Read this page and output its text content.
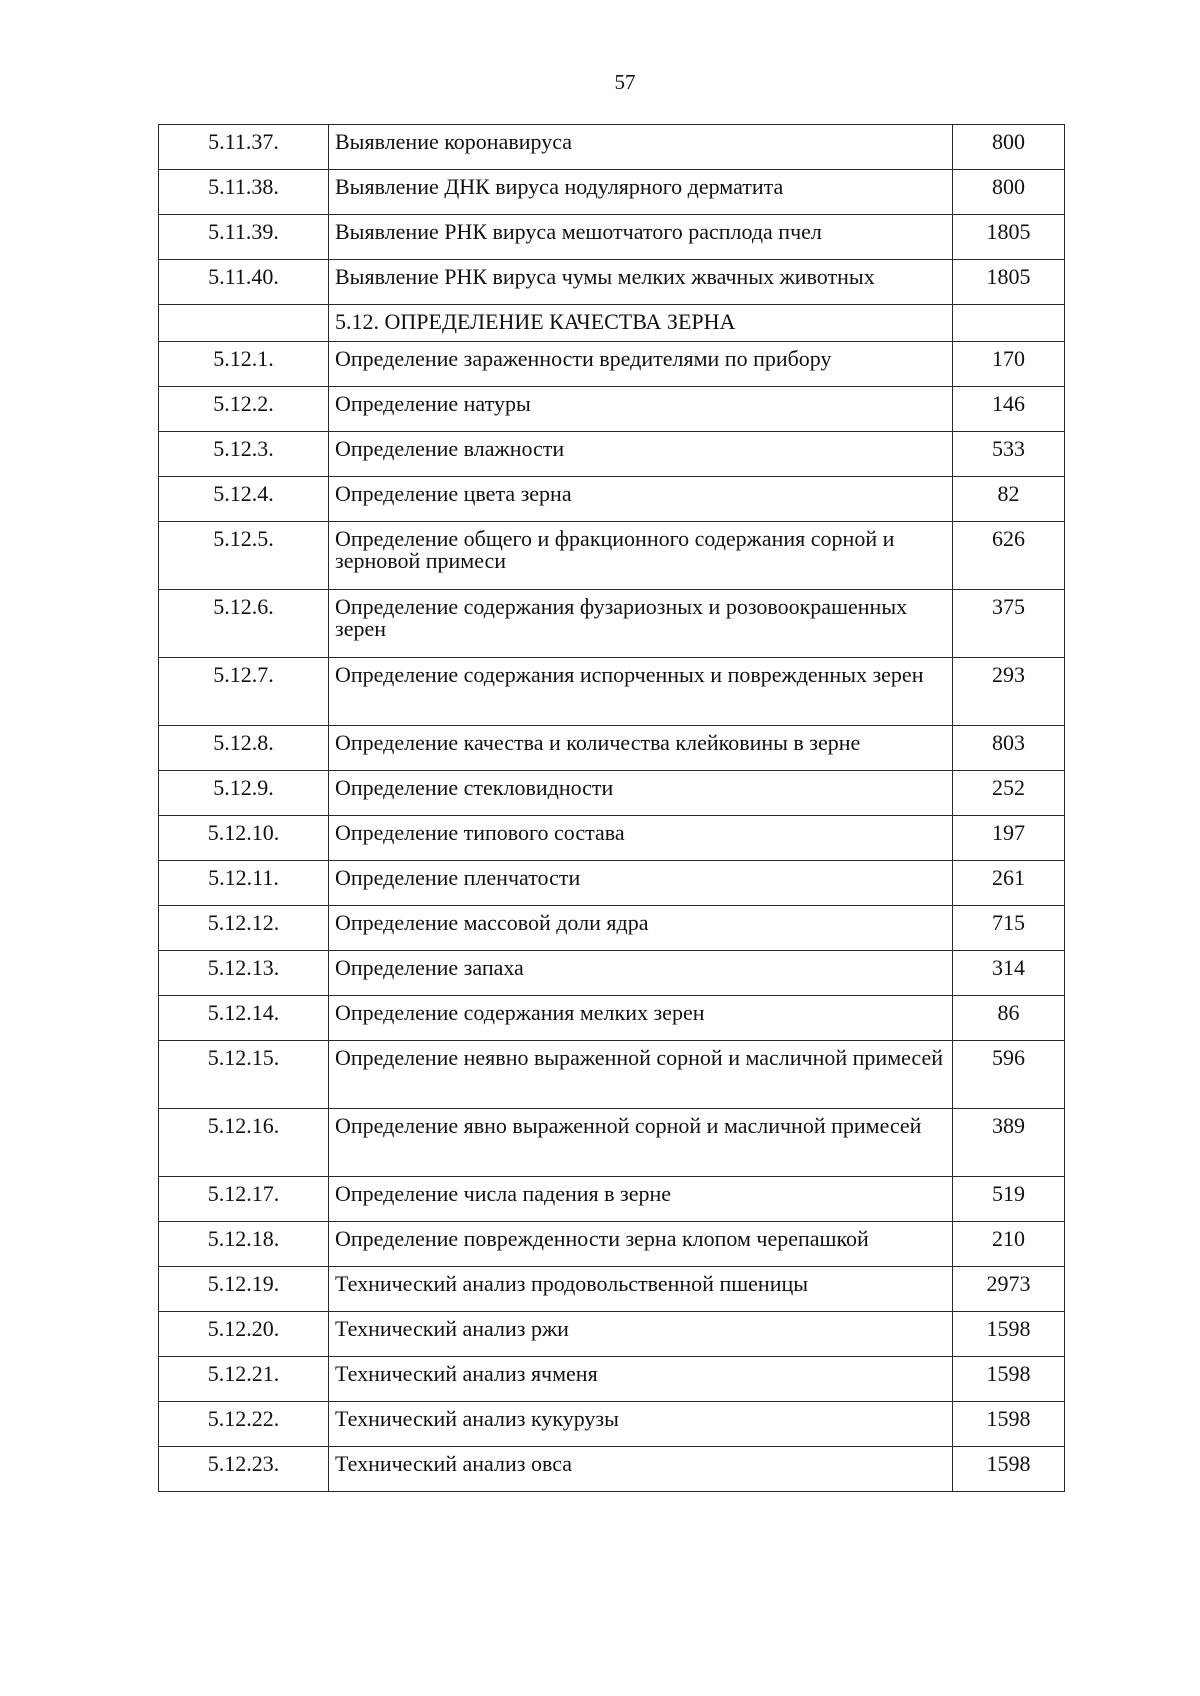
57
5.11.37.	Выявление коронавируса	800
5.11.38.	Выявление ДНК вируса нодулярного дерматита	800
5.11.39.	Выявление РНК вируса мешотчатого расплода пчел	1805
5.11.40.	Выявление РНК вируса чумы мелких жвачных животных	1805
	5.12. ОПРЕДЕЛЕНИЕ КАЧЕСТВА ЗЕРНА	
5.12.1.	Определение зараженности вредителями по прибору	170
5.12.2.	Определение натуры	146
5.12.3.	Определение влажности	533
5.12.4.	Определение цвета зерна	82
5.12.5.	Определение общего и фракционного содержания сорной и зерновой примеси	626
5.12.6.	Определение содержания фузариозных и розовоокрашенных зерен	375
5.12.7.	Определение содержания испорченных и поврежденных зерен	293
5.12.8.	Определение качества и количества клейковины в зерне	803
5.12.9.	Определение стекловидности	252
5.12.10.	Определение типового состава	197
5.12.11.	Определение пленчатости	261
5.12.12.	Определение массовой доли ядра	715
5.12.13.	Определение запаха	314
5.12.14.	Определение содержания мелких зерен	86
5.12.15.	Определение неявно выраженной сорной и масличной примесей	596
5.12.16.	Определение явно выраженной сорной и масличной примесей	389
5.12.17.	Определение числа падения в зерне	519
5.12.18.	Определение поврежденности зерна клопом черепашкой	210
5.12.19.	Технический анализ продовольственной пшеницы	2973
5.12.20.	Технический анализ ржи	1598
5.12.21.	Технический анализ ячменя	1598
5.12.22.	Технический анализ кукурузы	1598
5.12.23.	Технический анализ овса	1598
